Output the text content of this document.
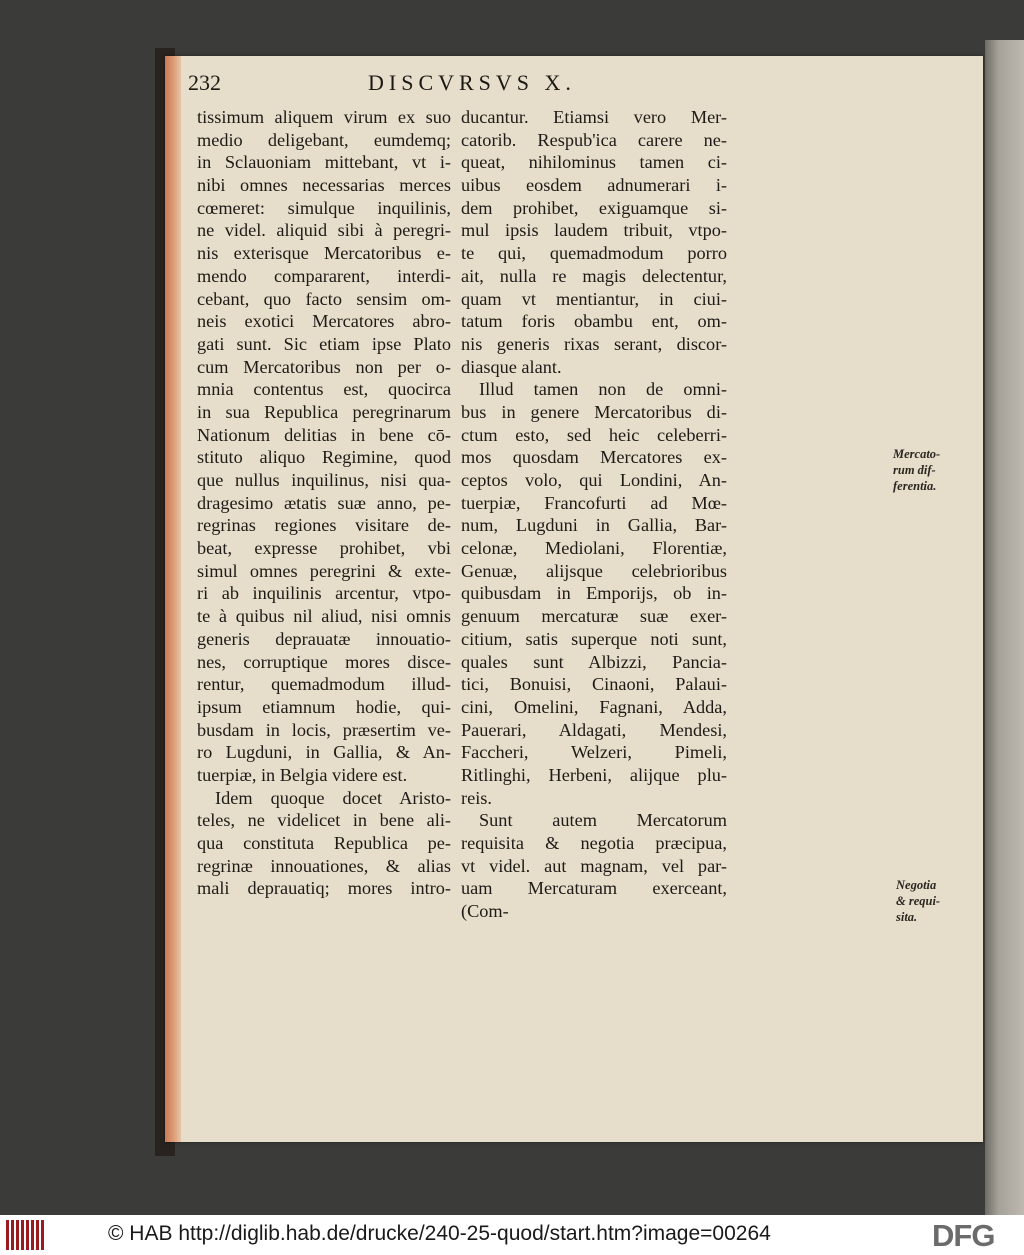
232	DISCVRSVS X.
tissimum aliquem virum ex suo
medio deligebant, eumdemq;
in Sclauoniam mittebant, vt i-
nibi omnes necessarias merces
cœmeret: simulque inquilinis,
ne videl. aliquid sibi à peregri-
nis exterisque Mercatoribus e-
mendo compararent, interdi-
cebant, quo facto sensim om-
neis exotici Mercatores abro-
gati sunt. Sic etiam ipse Plato
cum Mercatoribus non per o-
mnia contentus est, quocirca
in sua Republica peregrinarum
Nationum delitias in bene cō-
stituto aliquo Regimine, quod
que nullus inquilinus, nisi qua-
dragesimo ætatis suæ anno, pe-
regrinas regiones visitare de-
beat, expresse prohibet, vbi
simul omnes peregrini & exte-
ri ab inquilinis arcentur, vtpo-
te à quibus nil aliud, nisi omnis
generis deprauatæ innouatio-
nes, corruptique mores disce-
rentur, quemadmodum illud-
ipsum etiamnum hodie, qui-
busdam in locis, præsertim ve-
ro Lugduni, in Gallia, & An-
tuerpiæ, in Belgia videre est.
Idem quoque docet Aristo-
teles, ne videlicet in bene ali-
qua constituta Republica pe-
regrinæ innouationes, & alias
mali deprauatiq; mores intro-
ducantur. Etiamsi vero Mer-
catorib. Respub'ica carere ne-
queat, nihilominus tamen ci-
uibus eosdem adnumerari i-
dem prohibet, exiguamque si-
mul ipsis laudem tribuit, vtpo-
te qui, quemadmodum porro
ait, nulla re magis delectentur,
quam vt mentiantur, in ciui-
tatum foris obambu ent, om-
nis generis rixas serant, discor-
diasque alant.
Illud tamen non de omni-
bus in genere Mercatoribus di-
ctum esto, sed heic celeberri-
mos quosdam Mercatores ex-
ceptos volo, qui Londini, An-
tuerpiæ, Francofurti ad Mœ-
num, Lugduni in Gallia, Bar-
celonæ, Mediolani, Florentiæ,
Genuæ, alijsque celebrioribus
quibusdam in Emporijs, ob in-
genuum mercaturæ suæ exer-
citium, satis superque noti sunt,
quales sunt Albizzi, Pancia-
tici, Bonuisi, Cinaoni, Palaui-
cini, Omelini, Fagnani, Adda,
Pauerari, Aldagati, Mendesi,
Faccheri, Welzeri, Pimeli,
Ritlinghi, Herbeni, alijque plu-
reis.
Sunt autem Mercatorum
requisita & negotia præcipua,
vt videl. aut magnam, vel par-
uam Mercaturam exerceant,
(Com-
Mercato-
rum dif-
ferentia.
Negotia
& requi-
sita.
© HAB http://diglib.hab.de/drucke/240-25-quod/start.htm?image=00264	DFG
